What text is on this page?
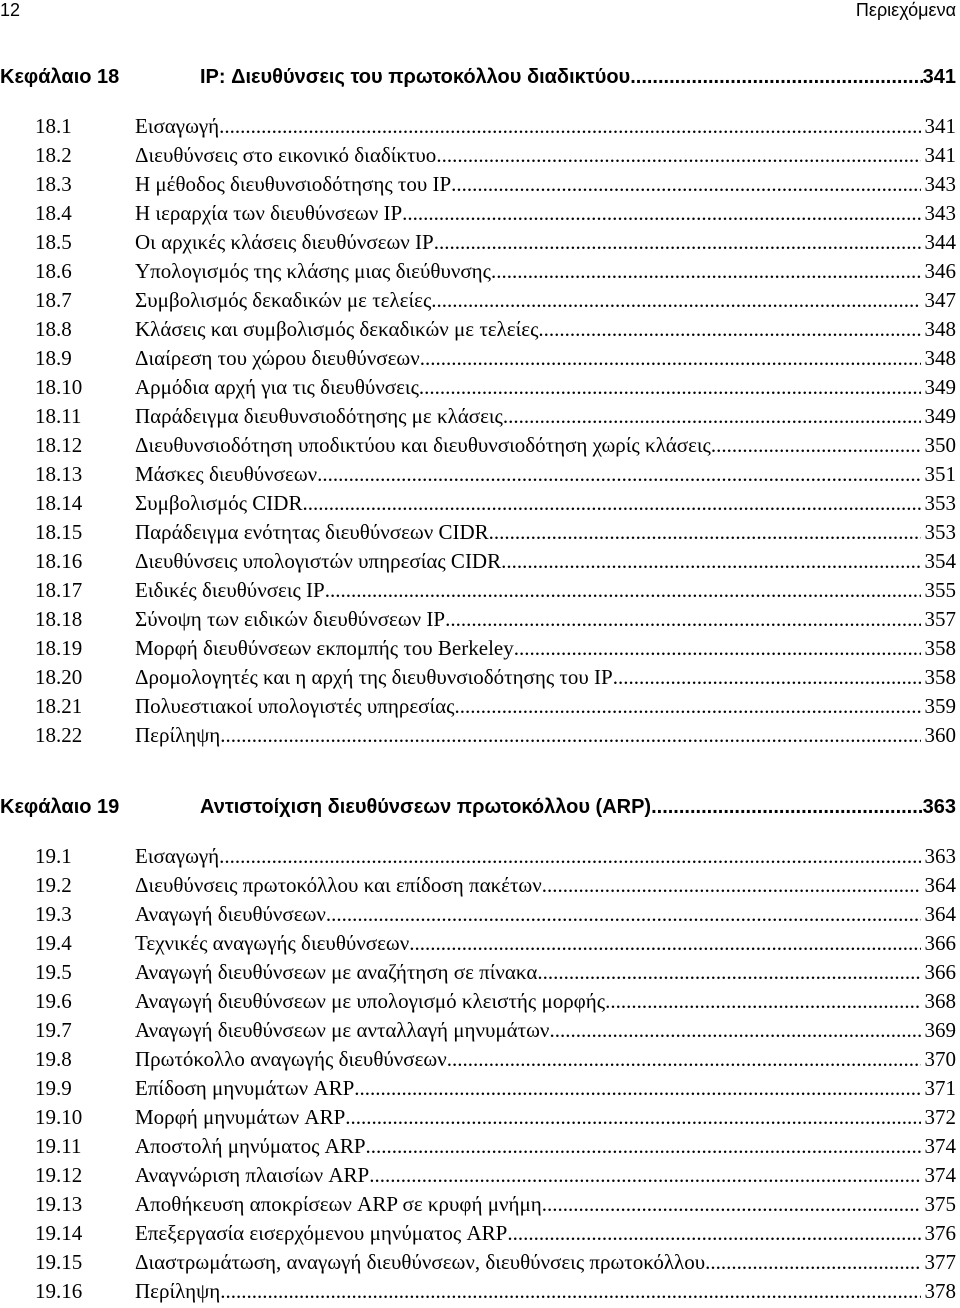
12	Περιεχόμενα
Κεφάλαιο 18	IP: Διευθύνσεις του πρωτοκόλλου διαδικτύου .....	341
18.1	Εισαγωγή .....	341
18.2	Διευθύνσεις στο εικονικό διαδίκτυο .....	341
18.3	Η μέθοδος διευθυνσιοδότησης του IP .....	343
18.4	Η ιεραρχία των διευθύνσεων IP .....	343
18.5	Οι αρχικές κλάσεις διευθύνσεων IP .....	344
18.6	Υπολογισμός της κλάσης μιας διεύθυνσης .....	346
18.7	Συμβολισμός δεκαδικών με τελείες .....	347
18.8	Κλάσεις και συμβολισμός δεκαδικών με τελείες .....	348
18.9	Διαίρεση του χώρου διευθύνσεων .....	348
18.10	Αρμόδια αρχή για τις διευθύνσεις .....	349
18.11	Παράδειγμα διευθυνσιοδότησης με κλάσεις .....	349
18.12	Διευθυνσιοδότηση υποδικτύου και διευθυνσιοδότηση χωρίς κλάσεις .....	350
18.13	Μάσκες διευθύνσεων .....	351
18.14	Συμβολισμός CIDR .....	353
18.15	Παράδειγμα ενότητας διευθύνσεων CIDR .....	353
18.16	Διευθύνσεις υπολογιστών υπηρεσίας CIDR .....	354
18.17	Ειδικές διευθύνσεις IP .....	355
18.18	Σύνοψη των ειδικών διευθύνσεων IP .....	357
18.19	Μορφή διευθύνσεων εκπομπής του Berkeley .....	358
18.20	Δρομολογητές και η αρχή της διευθυνσιοδότησης του IP .....	358
18.21	Πολυεστιακοί υπολογιστές υπηρεσίας .....	359
18.22	Περίληψη .....	360
Κεφάλαιο 19	Αντιστοίχιση διευθύνσεων πρωτοκόλλου (ARP) .....	363
19.1	Εισαγωγή .....	363
19.2	Διευθύνσεις πρωτοκόλλου και επίδοση πακέτων .....	364
19.3	Αναγωγή διευθύνσεων .....	364
19.4	Τεχνικές αναγωγής διευθύνσεων .....	366
19.5	Αναγωγή διευθύνσεων με αναζήτηση σε πίνακα .....	366
19.6	Αναγωγή διευθύνσεων με υπολογισμό κλειστής μορφής .....	368
19.7	Αναγωγή διευθύνσεων με ανταλλαγή μηνυμάτων .....	369
19.8	Πρωτόκολλο αναγωγής διευθύνσεων .....	370
19.9	Επίδοση μηνυμάτων ARP .....	371
19.10	Μορφή μηνυμάτων ARP .....	372
19.11	Αποστολή μηνύματος ARP .....	374
19.12	Αναγνώριση πλαισίων ARP .....	374
19.13	Αποθήκευση αποκρίσεων ARP σε κρυφή μνήμη .....	375
19.14	Επεξεργασία εισερχόμενου μηνύματος ARP .....	376
19.15	Διαστρωμάτωση, αναγωγή διευθύνσεων, διευθύνσεις πρωτοκόλλου .....	377
19.16	Περίληψη .....	378
